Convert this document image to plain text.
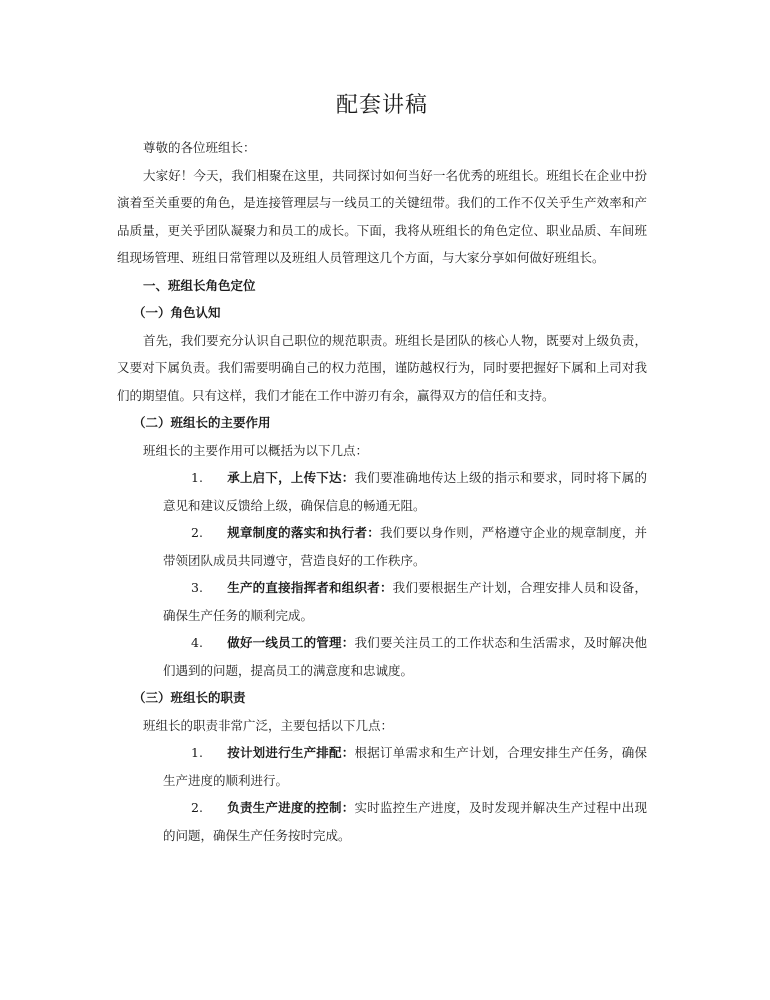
配套讲稿

尊敬的各位班组长：

大家好！今天，我们相聚在这里，共同探讨如何当好一名优秀的班组长。班组长在企业中扮演着至关重要的角色，是连接管理层与一线员工的关键纽带。我们的工作不仅关乎生产效率和产品质量，更关乎团队凝聚力和员工的成长。下面，我将从班组长的角色定位、职业品质、车间班组现场管理、班组日常管理以及班组人员管理这几个方面，与大家分享如何做好班组长。

一、班组长角色定位

（一）角色认知

首先，我们要充分认识自己职位的规范职责。班组长是团队的核心人物，既要对上级负责，又要对下属负责。我们需要明确自己的权力范围，谨防越权行为，同时要把握好下属和上司对我们的期望值。只有这样，我们才能在工作中游刃有余，赢得双方的信任和支持。

（二）班组长的主要作用

班组长的主要作用可以概括为以下几点：

1. 承上启下，上传下达：我们要准确地传达上级的指示和要求，同时将下属的意见和建议反馈给上级，确保信息的畅通无阻。
2. 规章制度的落实和执行者：我们要以身作则，严格遵守企业的规章制度，并带领团队成员共同遵守，营造良好的工作秩序。
3. 生产的直接指挥者和组织者：我们要根据生产计划，合理安排人员和设备，确保生产任务的顺利完成。
4. 做好一线员工的管理：我们要关注员工的工作状态和生活需求，及时解决他们遇到的问题，提高员工的满意度和忠诚度。

（三）班组长的职责

班组长的职责非常广泛，主要包括以下几点：

1. 按计划进行生产排配：根据订单需求和生产计划，合理安排生产任务，确保生产进度的顺利进行。
2. 负责生产进度的控制：实时监控生产进度，及时发现并解决生产过程中出现的问题，确保生产任务按时完成。
